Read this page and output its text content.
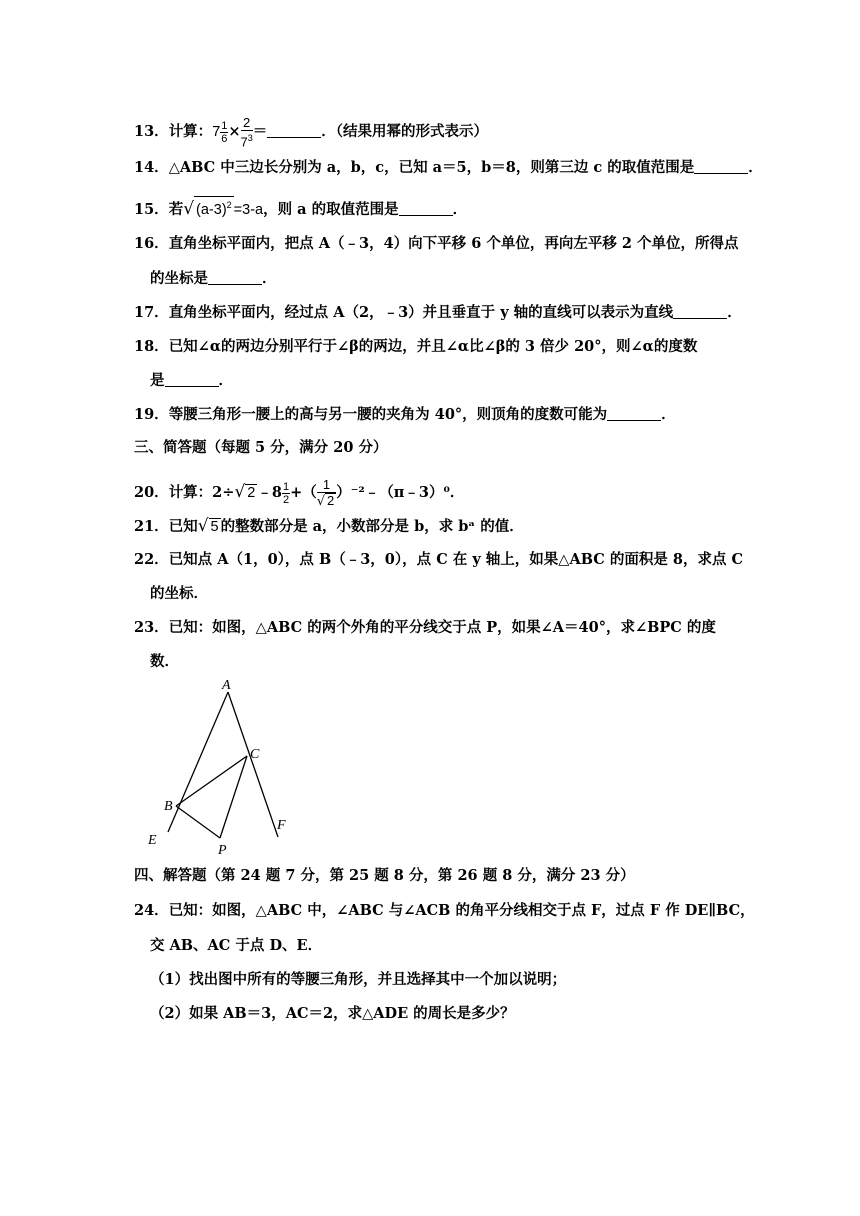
13．计算：$7 \frac{1}{6} \times \frac{2}{7^3}$ ＝	．（结果用幂的形式表示）
14．△ABC 中三边长分别为 a，b，c，已知 a＝5，b＝8，则第三边 c 的取值范围是	．
15．若√ $(a-3)^2 =3-a$，则 a 的取值范围是	．
16．直角坐标平面内，把点 A（﹣3，4）向下平移 6 个单位，再向左平移 2 个单位，所得点
的坐标是	．
17．直角坐标平面内，经过点 A（2，﹣3）并且垂直于 y 轴的直线可以表示为直线	．
18．已知∠α的两边分别平行于∠β的两边，并且∠α比∠β的 3 倍少 20°，则∠α的度数
是	．
19．等腰三角形一腰上的高与另一腰的夹角为 40°，则顶角的度数可能为	．
三、简答题（每题 5 分，满分 20 分）
20．计算：2÷√ 2 ﹣8 $\frac{1}{2}$ +（ $\frac{1}{√ 2}$ ）⁻²﹣（π﹣3）⁰．
21．已知√ 5 的整数部分是 a，小数部分是 b，求 bᵃ 的值．
22．已知点 A（1，0），点 B（﹣3，0），点 C 在 y 轴上，如果△ABC 的面积是 8，求点 C
的坐标．
23．已知：如图，△ABC 的两个外角的平分线交于点 P，如果∠A＝40°，求∠BPC 的度
数．
A
B
C
P
E
F
四、解答题（第 24 题 7 分，第 25 题 8 分，第 26 题 8 分，满分 23 分）
24．已知：如图，△ABC 中，∠ABC 与∠ACB 的角平分线相交于点 F，过点 F 作 DE∥BC，
交 AB、AC 于点 D、E．
（1）找出图中所有的等腰三角形，并且选择其中一个加以说明；
（2）如果 AB＝3，AC＝2，求△ADE 的周长是多少？
